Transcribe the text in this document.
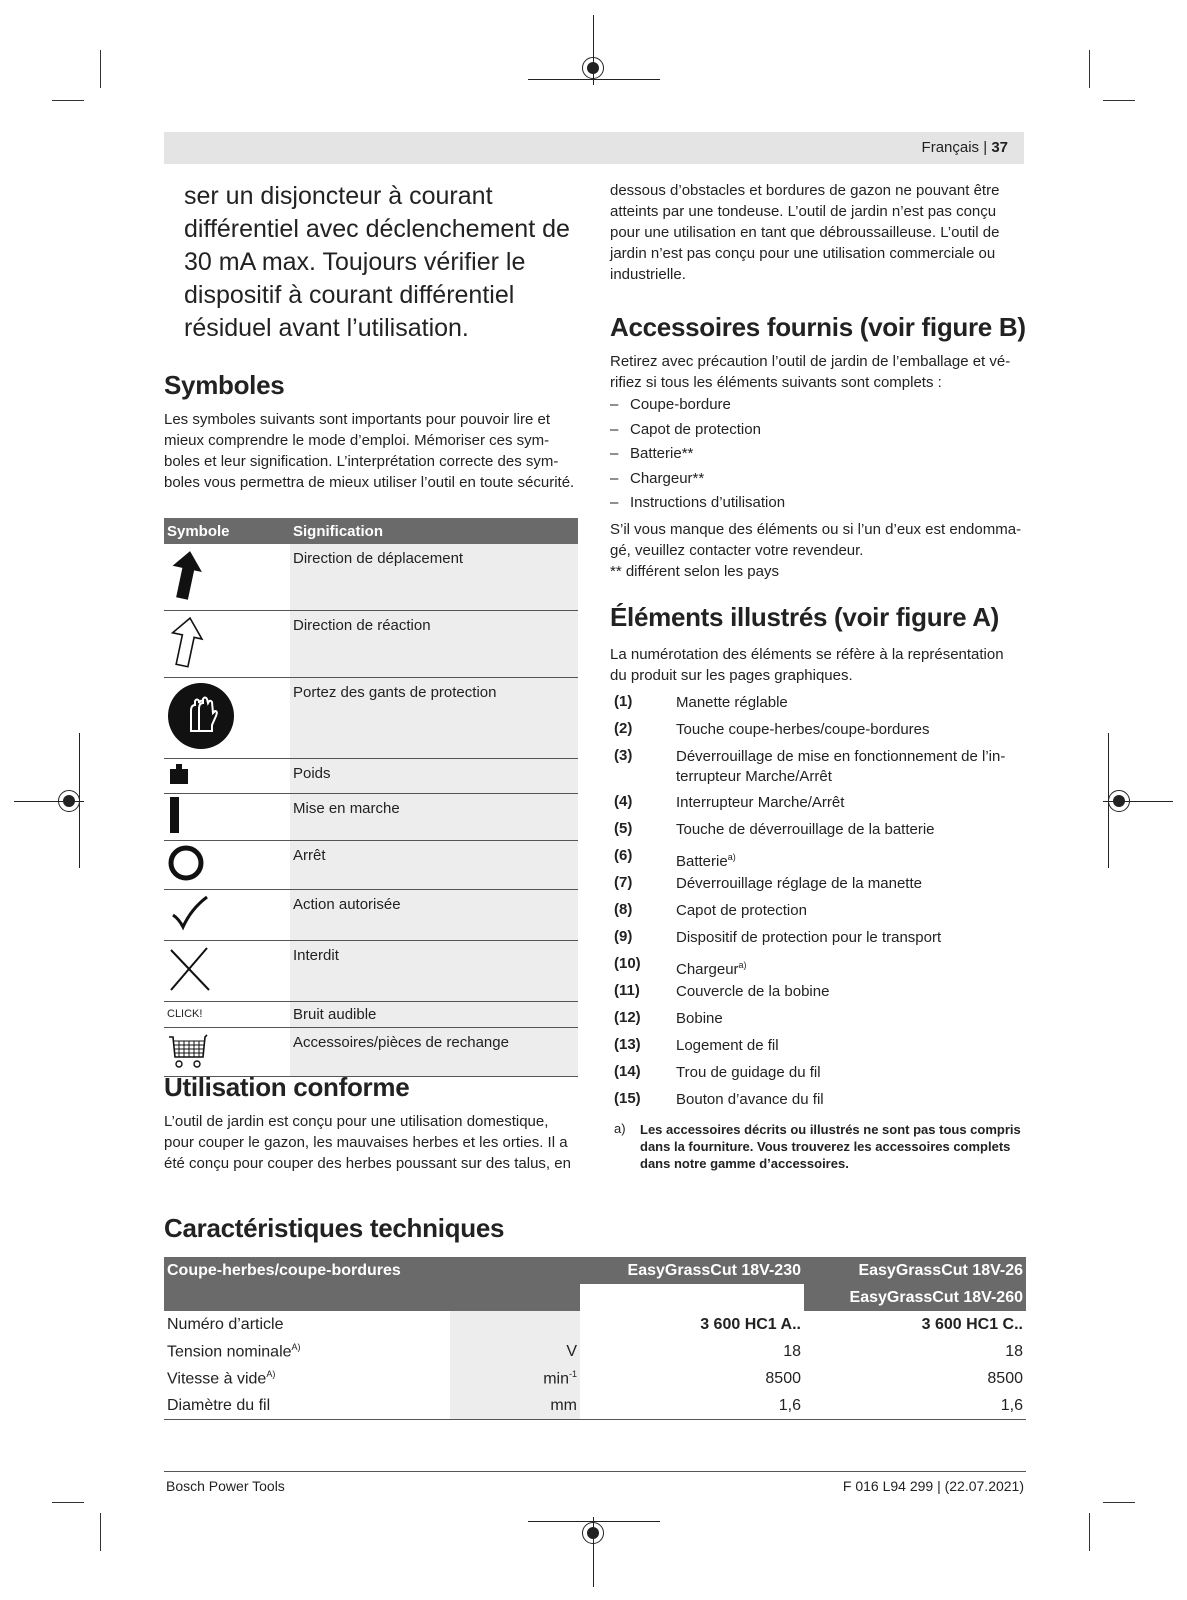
Français | 37
ser un disjoncteur à courant différentiel avec déclenchement de 30 mA max. Toujours vérifier le dispositif à courant différentiel résiduel avant l’utilisation.
Symboles
Les symboles suivants sont importants pour pouvoir lire et mieux comprendre le mode d’emploi. Mémoriser ces symboles et leur signification. L’interprétation correcte des symboles vous permettra de mieux utiliser l’outil en toute sécurité.
Symbole	Signification
	Direction de déplacement
	Direction de réaction
	Portez des gants de protection
	Poids
	Mise en marche
	Arrêt
	Action autorisée
	Interdit
CLICK!	Bruit audible
	Accessoires/pièces de rechange
Utilisation conforme
L’outil de jardin est conçu pour une utilisation domestique, pour couper le gazon, les mauvaises herbes et les orties. Il a été conçu pour couper des herbes poussant sur des talus, en
dessous d’obstacles et bordures de gazon ne pouvant être atteints par une tondeuse. L’outil de jardin n’est pas conçu pour une utilisation en tant que débroussailleuse. L’outil de jardin n’est pas conçu pour une utilisation commerciale ou industrielle.
Accessoires fournis (voir figure B)
Retirez avec précaution l’outil de jardin de l’emballage et vérifiez si tous les éléments suivants sont complets :
– Coupe-bordure
– Capot de protection
– Batterie**
– Chargeur**
– Instructions d’utilisation
S’il vous manque des éléments ou si l’un d’eux est endommagé, veuillez contacter votre revendeur.
** différent selon les pays
Éléments illustrés (voir figure A)
La numérotation des éléments se réfère à la représentation du produit sur les pages graphiques.
(1)	Manette réglable
(2)	Touche coupe-herbes/coupe-bordures
(3)	Déverrouillage de mise en fonctionnement de l’interrupteur Marche/Arrêt
(4)	Interrupteur Marche/Arrêt
(5)	Touche de déverrouillage de la batterie
(6)	Batterie$^{a)}$
(7)	Déverrouillage réglage de la manette
(8)	Capot de protection
(9)	Dispositif de protection pour le transport
(10) Chargeur$^{a)}$
(11) Couvercle de la bobine
(12) Bobine
(13) Logement de fil
(14) Trou de guidage du fil
(15) Bouton d’avance du fil
a) Les accessoires décrits ou illustrés ne sont pas tous compris dans la fourniture. Vous trouverez les accessoires complets dans notre gamme d’accessoires.
Caractéristiques techniques
Coupe-herbes/coupe-bordures		EasyGrassCut 18V-230	EasyGrassCut 18V-26
			EasyGrassCut 18V-260
Numéro d’article		3 600 HC1 A..	3 600 HC1 C..
Tension nominale$^{A)}$	V	18	18
Vitesse à vide$^{A)}$	$\min^{-1}$	8500	8500
Diamètre du fil	mm	1,6	1,6
Bosch Power Tools	F 016 L94 299 | (22.07.2021)
